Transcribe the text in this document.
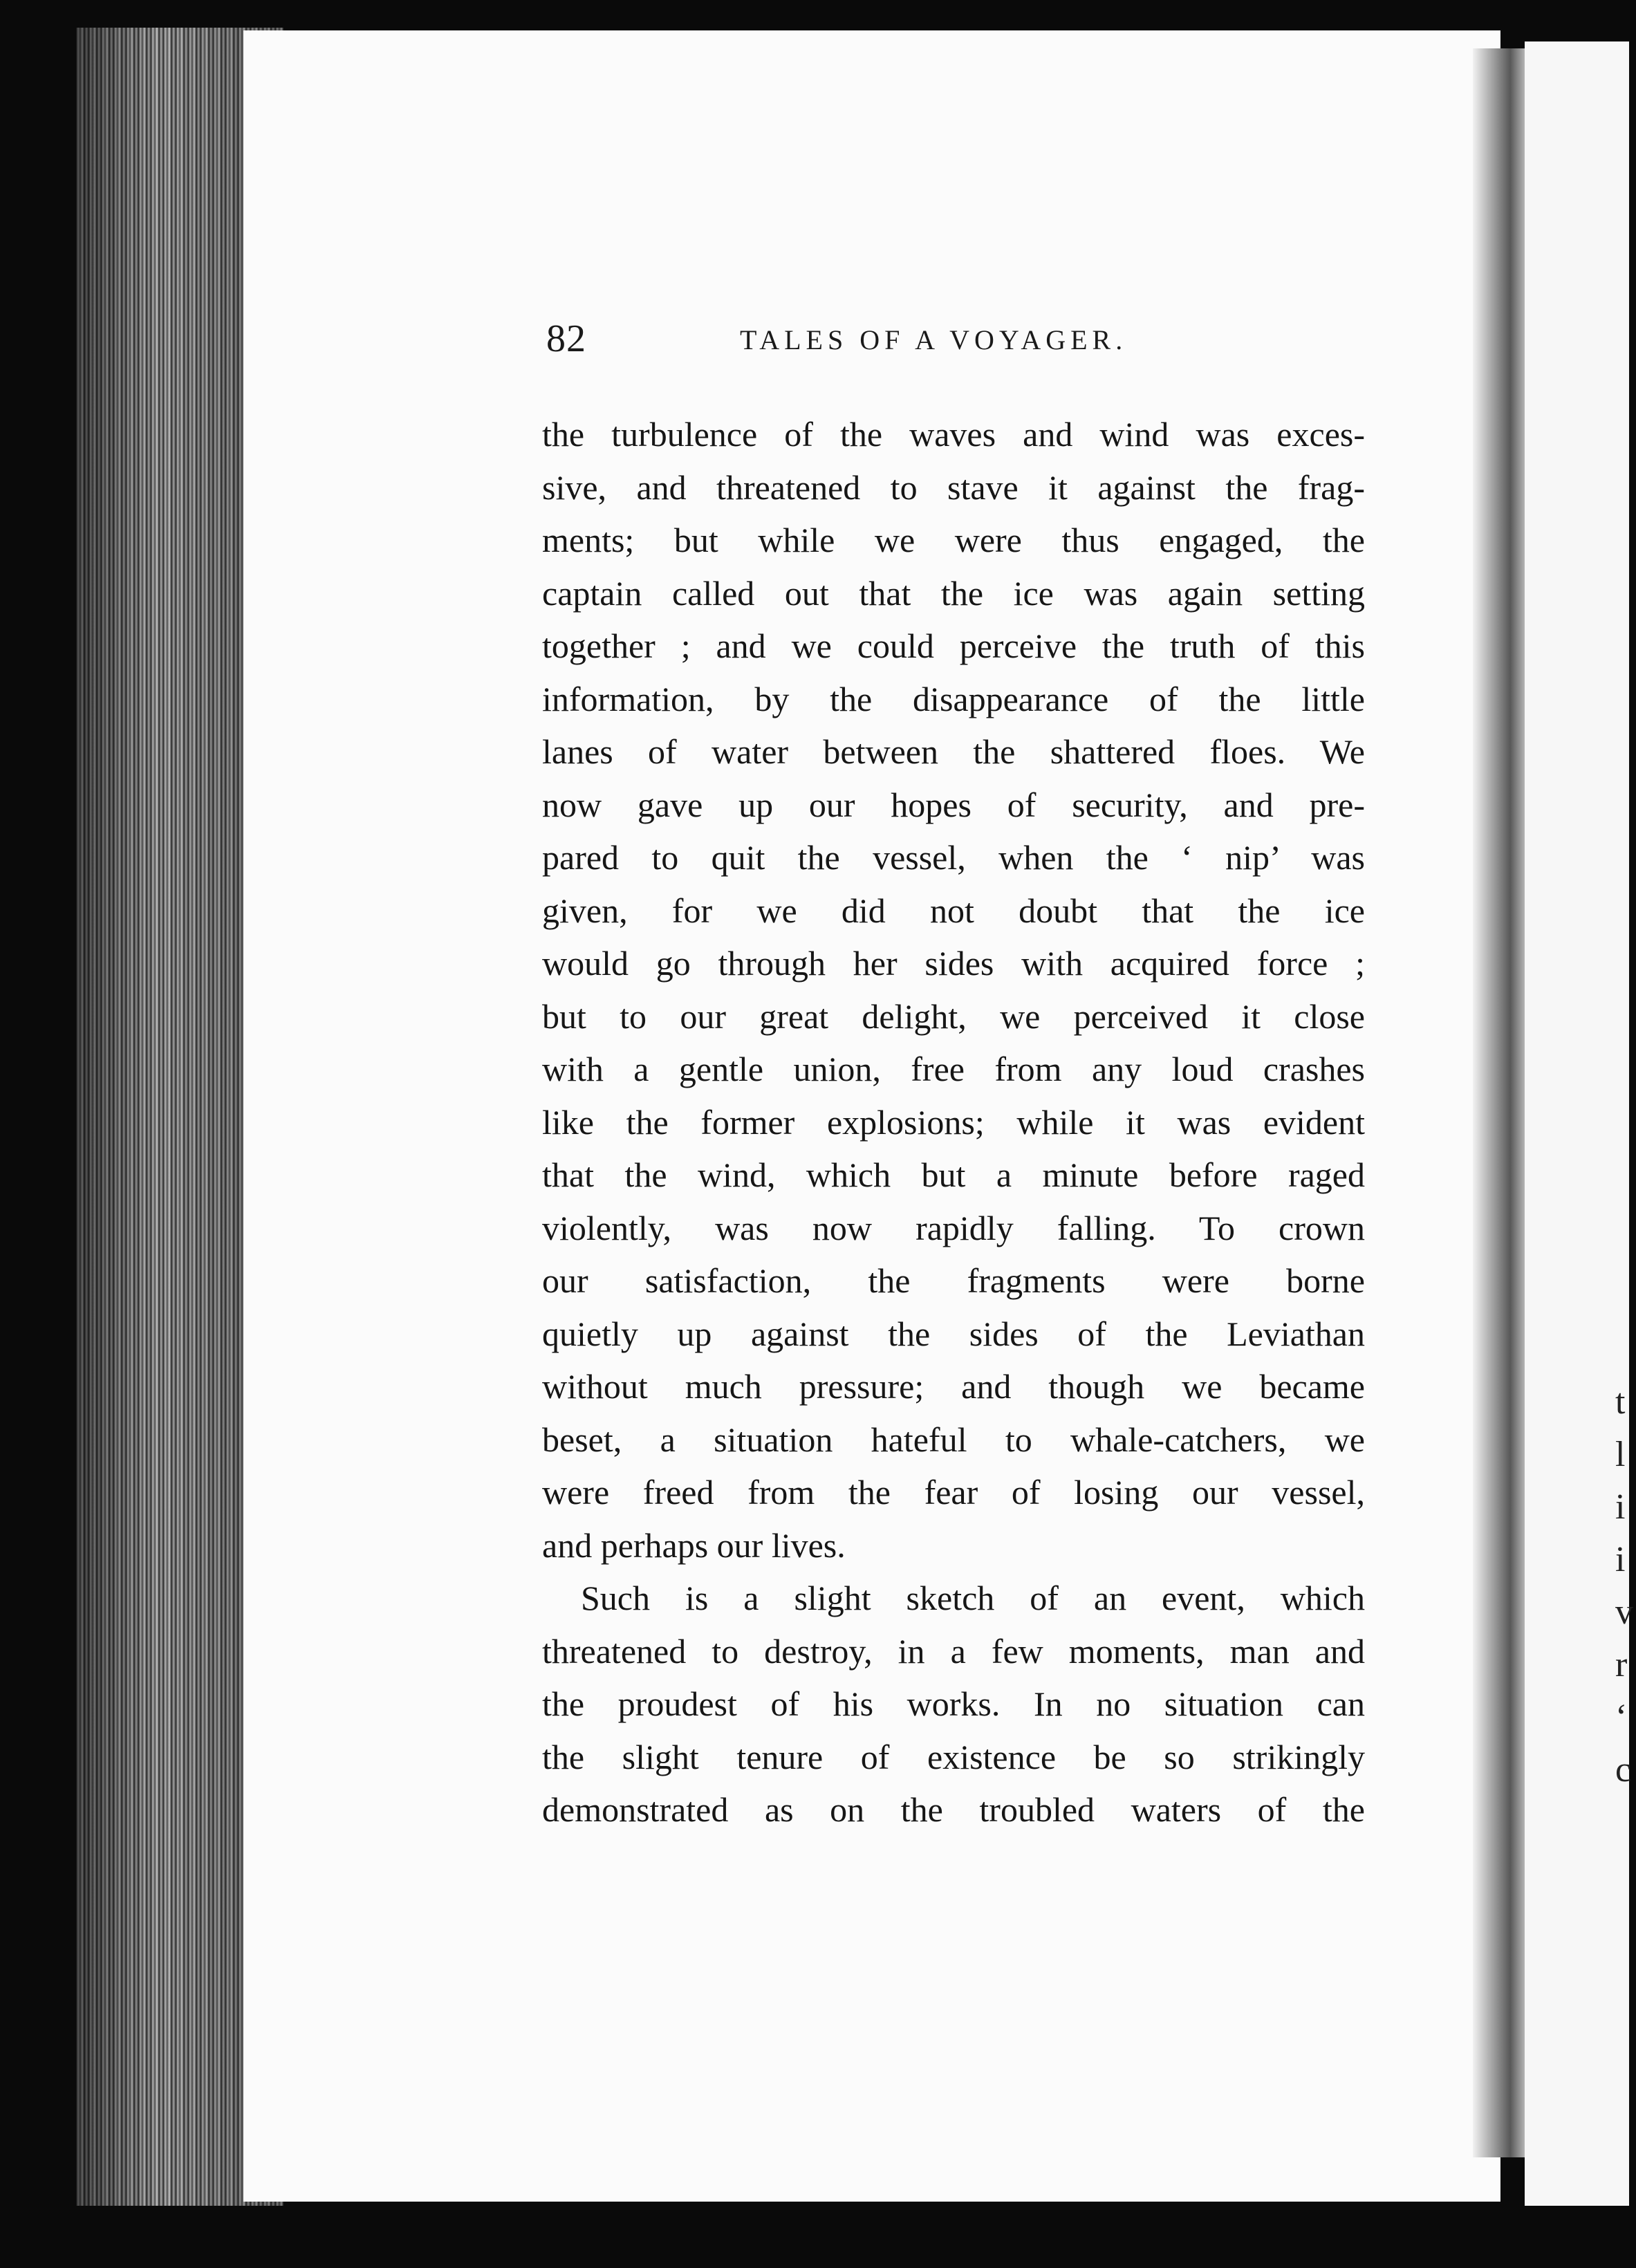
t
l
i
i
v
r
‘
c
82	TALES OF A VOYAGER.
the turbulence of the waves and wind was exces-
sive, and threatened to stave it against the frag-
ments; but while we were thus engaged, the
captain called out that the ice was again setting
together ; and we could perceive the truth of this
information, by the disappearance of the little
lanes of water between the shattered floes. We
now gave up our hopes of security, and pre-
pared to quit the vessel, when the ‘ nip’ was
given, for we did not doubt that the ice
would go through her sides with acquired force ;
but to our great delight, we perceived it close
with a gentle union, free from any loud crashes
like the former explosions; while it was evident
that the wind, which but a minute before raged
violently, was now rapidly falling. To crown
our satisfaction, the fragments were borne
quietly up against the sides of the Leviathan
without much pressure; and though we became
beset, a situation hateful to whale-catchers, we
were freed from the fear of losing our vessel,
and perhaps our lives.
Such is a slight sketch of an event, which
threatened to destroy, in a few moments, man and
the proudest of his works. In no situation can
the slight tenure of existence be so strikingly
demonstrated as on the troubled waters of the
